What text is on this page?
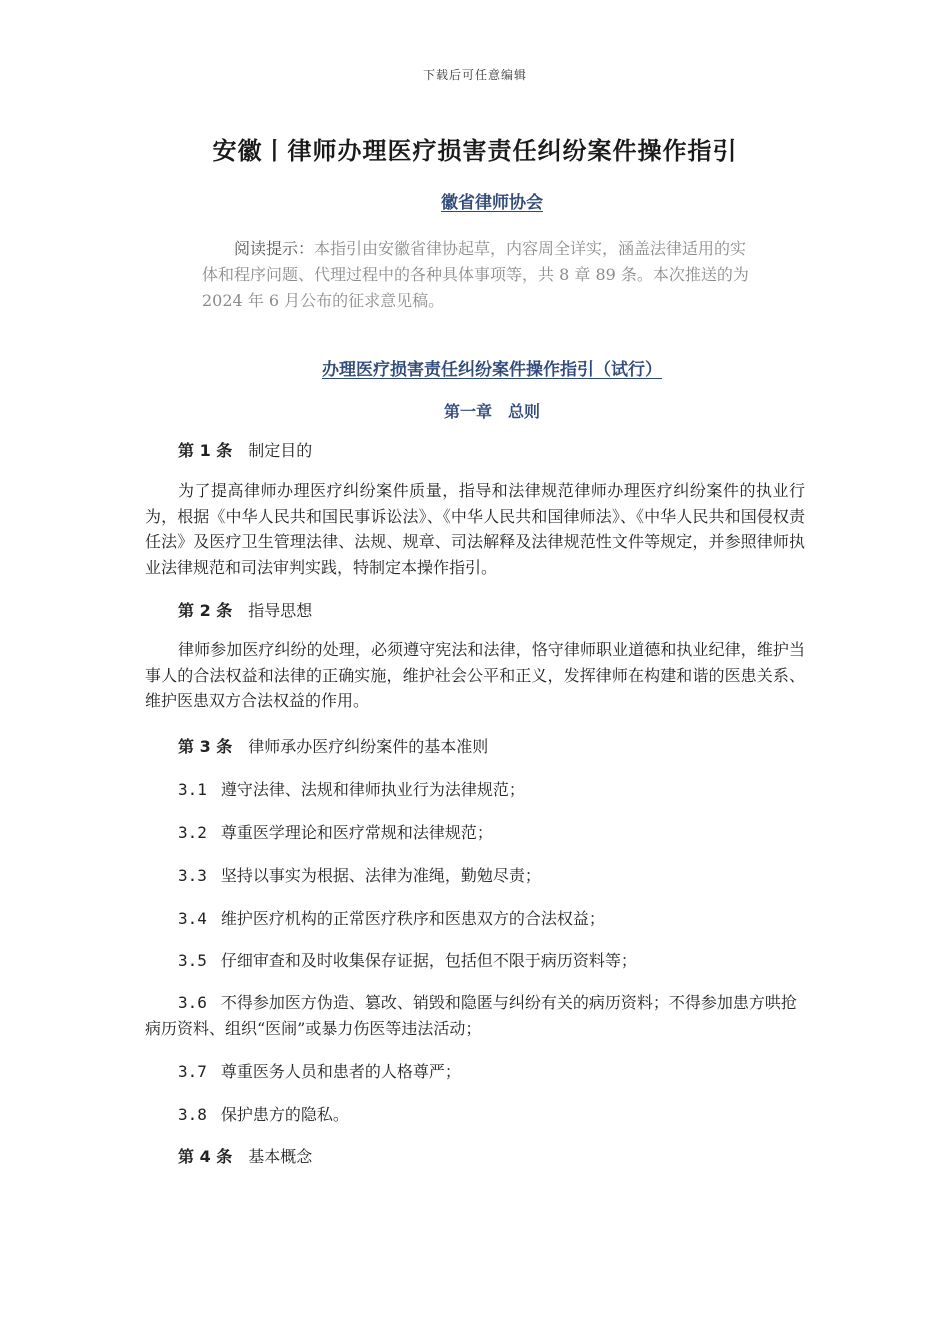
下载后可任意编辑
安徽丨律师办理医疗损害责任纠纷案件操作指引
徽省律师协会
阅读提示：本指引由安徽省律协起草，内容周全详实，涵盖法律适用的实体和程序问题、代理过程中的各种具体事项等，共 8 章 89 条。本次推送的为 2024 年 6 月公布的征求意见稿。
办理医疗损害责任纠纷案件操作指引（试行）
第一章　总则
第 1 条 制定目的
为了提高律师办理医疗纠纷案件质量，指导和法律规范律师办理医疗纠纷案件的执业行为，根据《中华人民共和国民事诉讼法》、《中华人民共和国律师法》、《中华人民共和国侵权责任法》及医疗卫生管理法律、法规、规章、司法解释及法律规范性文件等规定，并参照律师执业法律规范和司法审判实践，特制定本操作指引。
第 2 条 指导思想
律师参加医疗纠纷的处理，必须遵守宪法和法律，恪守律师职业道德和执业纪律，维护当事人的合法权益和法律的正确实施，维护社会公平和正义，发挥律师在构建和谐的医患关系、维护医患双方合法权益的作用。
第 3 条 律师承办医疗纠纷案件的基本准则
3.1 遵守法律、法规和律师执业行为法律规范；
3.2 尊重医学理论和医疗常规和法律规范；
3.3 坚持以事实为根据、法律为准绳，勤勉尽责；
3.4 维护医疗机构的正常医疗秩序和医患双方的合法权益；
3.5 仔细审查和及时收集保存证据，包括但不限于病历资料等；
3.6 不得参加医方伪造、篡改、销毁和隐匿与纠纷有关的病历资料；不得参加患方哄抢病历资料、组织“医闹”或暴力伤医等违法活动；
3.7 尊重医务人员和患者的人格尊严；
3.8 保护患方的隐私。
第 4 条 基本概念
